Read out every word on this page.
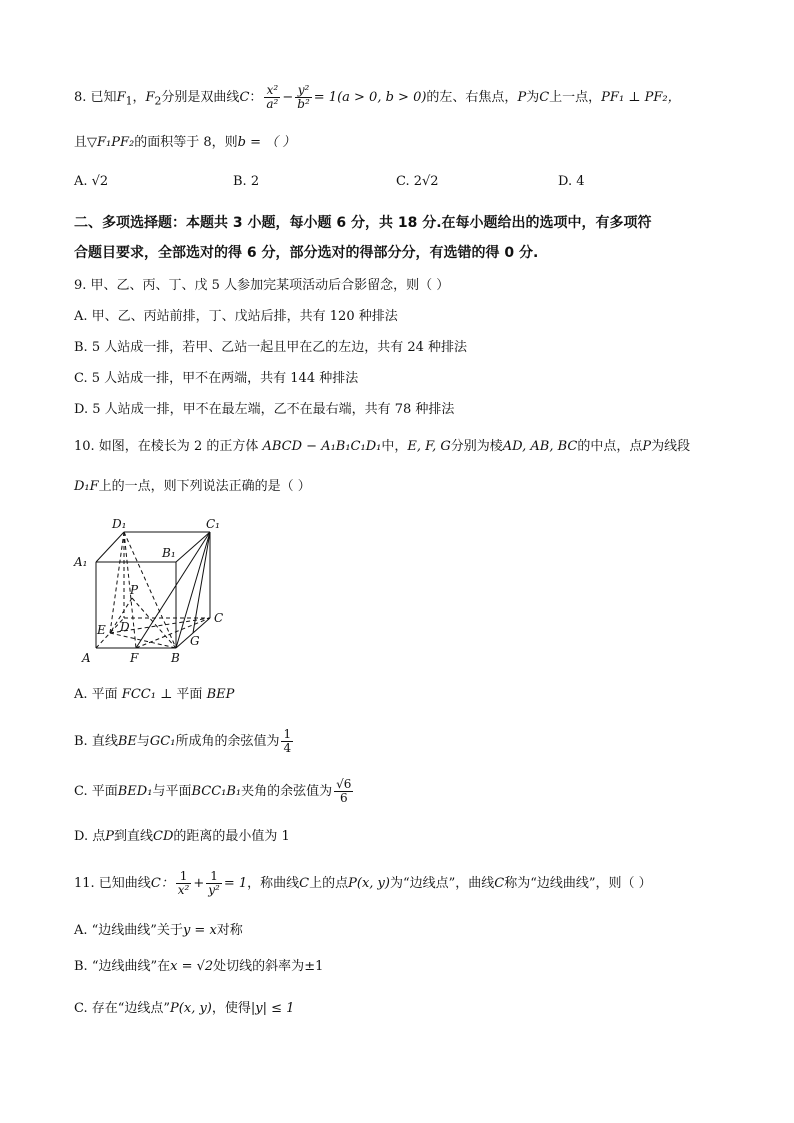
8. 已知$F_1$，$F_2$分别是双曲线C： $\frac{\text{x²}}{\text{a²}} - \frac{\text{y²}}{\text{b²}} = 1(a > 0$, b > 0)的左、右焦点，P为C上一点，PF₁ ⊥ PF₂，
且▽F₁PF₂的面积等于 8，则b = （ ）
A. √2	B. 2	C. 2√2	D. 4
二、多项选择题：本题共 3 小题，每小题 6 分，共 18 分.在每小题给出的选项中，有多项符
合题目要求，全部选对的得 6 分，部分选对的得部分分，有选错的得 0 分.
9. 甲、乙、丙、丁、戊 5 人参加完某项活动后合影留念，则（ ）
A. 甲、乙、丙站前排，丁、戊站后排，共有 120 种排法
B. 5 人站成一排，若甲、乙站一起且甲在乙的左边，共有 24 种排法
C. 5 人站成一排，甲不在两端，共有 144 种排法
D. 5 人站成一排，甲不在最左端，乙不在最右端，共有 78 种排法
10. 如图，在棱长为 2 的正方体 ABCD − A₁B₁C₁D₁中，E, F, G分别为棱AD, AB, BC的中点，点P为线段
D₁F上的一点，则下列说法正确的是（ ）
D₁	C₁
A₁
B₁
P
E D
C
A	F	B
G
A. 平面 FCC₁ ⊥ 平面 BEP
B. 直线BE与GC₁所成角的余弦值为 $\frac{1}{4}$
C. 平面BED₁与平面BCC₁B₁夹角的余弦值为 $\frac{√6}{6}$
D. 点P到直线CD的距离的最小值为 1
11. 已知曲线C： $\frac{1}{\text{x²}} + \frac{1}{\text{y²}} = 1$，称曲线C上的点P(x, y)为“边线点”，曲线C称为“边线曲线”，则（ ）
A. “边线曲线”关于y = x对称
B. “边线曲线”在x = √2处切线的斜率为±1
C. 存在“边线点”P(x, y)，使得|y| ≤ 1
